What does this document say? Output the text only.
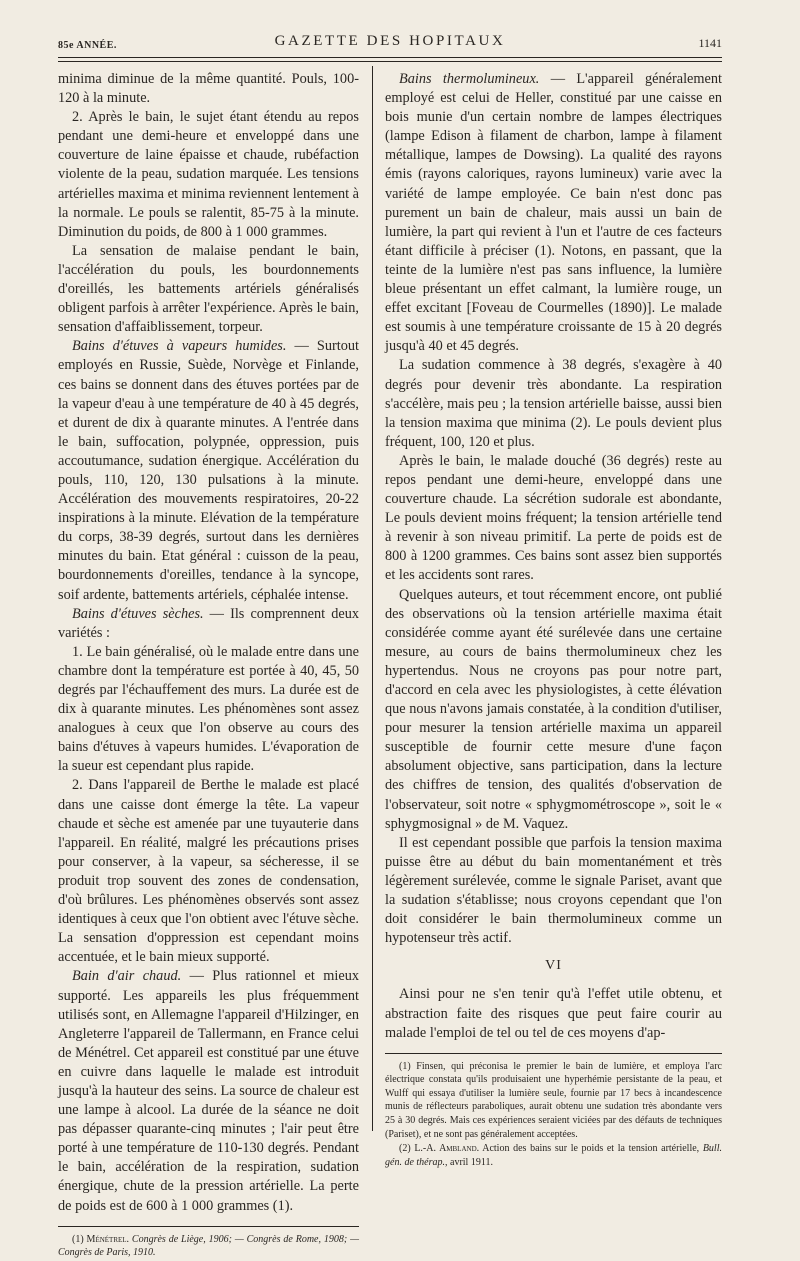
85e ANNÉE.	GAZETTE DES HOPITAUX	1141

minima diminue de la même quantité. Pouls, 100-120 à la minute.

2. Après le bain, le sujet étant étendu au repos pendant une demi-heure et enveloppé dans une couverture de laine épaisse et chaude, rubéfaction violente de la peau, sudation marquée. Les tensions artérielles maxima et minima reviennent lentement à la normale. Le pouls se ralentit, 85-75 à la minute. Diminution du poids, de 800 à 1 000 grammes.

La sensation de malaise pendant le bain, l'accélération du pouls, les bourdonnements d'oreillés, les battements artériels généralisés obligent parfois à arrêter l'expérience. Après le bain, sensation d'affaiblissement, torpeur.

Bains d'étuves à vapeurs humides. — Surtout employés en Russie, Suède, Norvège et Finlande, ces bains se donnent dans des étuves portées par de la vapeur d'eau à une température de 40 à 45 degrés, et durent de dix à quarante minutes. A l'entrée dans le bain, suffocation, polypnée, oppression, puis accoutumance, sudation énergique. Accélération du pouls, 110, 120, 130 pulsations à la minute. Accélération des mouvements respiratoires, 20-22 inspirations à la minute. Elévation de la température du corps, 38-39 degrés, surtout dans les dernières minutes du bain. Etat général : cuisson de la peau, bourdonnements d'oreilles, tendance à la syncope, soif ardente, battements artériels, céphalée intense.

Bains d'étuves sèches. — Ils comprennent deux variétés :

1. Le bain généralisé, où le malade entre dans une chambre dont la température est portée à 40, 45, 50 degrés par l'échauffement des murs. La durée est de dix à quarante minutes. Les phénomènes sont assez analogues à ceux que l'on observe au cours des bains d'étuves à vapeurs humides. L'évaporation de la sueur est cependant plus rapide.

2. Dans l'appareil de Berthe le malade est placé dans une caisse dont émerge la tête. La vapeur chaude et sèche est amenée par une tuyauterie dans l'appareil. En réalité, malgré les précautions prises pour conserver, à la vapeur, sa sécheresse, il se produit trop souvent des zones de condensation, d'où brûlures. Les phénomènes observés sont assez identiques à ceux que l'on obtient avec l'étuve sèche. La sensation d'oppression est cependant moins accentuée, et le bain mieux supporté.

Bain d'air chaud. — Plus rationnel et mieux supporté. Les appareils les plus fréquemment utilisés sont, en Allemagne l'appareil d'Hilzinger, en Angleterre l'appareil de Tallermann, en France celui de Ménétrel. Cet appareil est constitué par une étuve en cuivre dans laquelle le malade est introduit jusqu'à la hauteur des seins. La source de chaleur est une lampe à alcool. La durée de la séance ne doit pas dépasser quarante-cinq minutes ; l'air peut être porté à une température de 110-130 degrés. Pendant le bain, accélération de la respiration, sudation énergique, chute de la pression artérielle. La perte de poids est de 600 à 1 000 grammes (1).

(1) Ménétrel. Congrès de Liège, 1906; — Congrès de Rome, 1908; — Congrès de Paris, 1910.

Bains thermolumineux. — L'appareil généralement employé est celui de Heller, constitué par une caisse en bois munie d'un certain nombre de lampes électriques (lampe Edison à filament de charbon, lampe à filament métallique, lampes de Dowsing). La qualité des rayons émis (rayons caloriques, rayons lumineux) varie avec la variété de lampe employée. Ce bain n'est donc pas purement un bain de chaleur, mais aussi un bain de lumière, la part qui revient à l'un et l'autre de ces facteurs étant difficile à préciser (1). Notons, en passant, que la teinte de la lumière n'est pas sans influence, la lumière bleue présentant un effet calmant, la lumière rouge, un effet excitant [Foveau de Courmelles (1890)]. Le malade est soumis à une température croissante de 15 à 20 degrés jusqu'à 40 et 45 degrés.

La sudation commence à 38 degrés, s'exagère à 40 degrés pour devenir très abondante. La respiration s'accélère, mais peu ; la tension artérielle baisse, aussi bien la tension maxima que minima (2). Le pouls devient plus fréquent, 100, 120 et plus.

Après le bain, le malade douché (36 degrés) reste au repos pendant une demi-heure, enveloppé dans une couverture chaude. La sécrétion sudorale est abondante, Le pouls devient moins fréquent; la tension artérielle tend à revenir à son niveau primitif. La perte de poids est de 800 à 1200 grammes. Ces bains sont assez bien supportés et les accidents sont rares.

Quelques auteurs, et tout récemment encore, ont publié des observations où la tension artérielle maxima était considérée comme ayant été surélevée dans une certaine mesure, au cours de bains thermolumineux chez les hypertendus. Nous ne croyons pas pour notre part, d'accord en cela avec les physiologistes, à cette élévation que nous n'avons jamais constatée, à la condition d'utiliser, pour mesurer la tension artérielle maxima un appareil susceptible de fournir cette mesure d'une façon absolument objective, sans participation, dans la lecture des chiffres de tension, des qualités d'observation de l'observateur, soit notre « sphygmométroscope », soit le « sphygmosignal » de M. Vaquez.

Il est cependant possible que parfois la tension maxima puisse être au début du bain momentanément et très légèrement surélevée, comme le signale Pariset, avant que la sudation s'établisse; nous croyons cependant que l'on doit considérer le bain thermolumineux comme un hypotenseur très actif.

VI

Ainsi pour ne s'en tenir qu'à l'effet utile obtenu, et abstraction faite des risques que peut faire courir au malade l'emploi de tel ou tel de ces moyens d'ap-

(1) Finsen, qui préconisa le premier le bain de lumière, et employa l'arc électrique constata qu'ils produisaient une hyperhémie persistante de la peau, et Wulff qui essaya d'utiliser la lumière seule, fournie par 17 becs à incandescence munis de réflecteurs paraboliques, aurait obtenu une sudation très abondante vers 25 à 30 degrés. Mais ces expériences seraient viciées par des défauts de techniques (Pariset), et ne sont pas généralement acceptées.

(2) L.-A. Ambland. Action des bains sur le poids et la tension artérielle, Bull. gén. de thérap., avril 1911.
